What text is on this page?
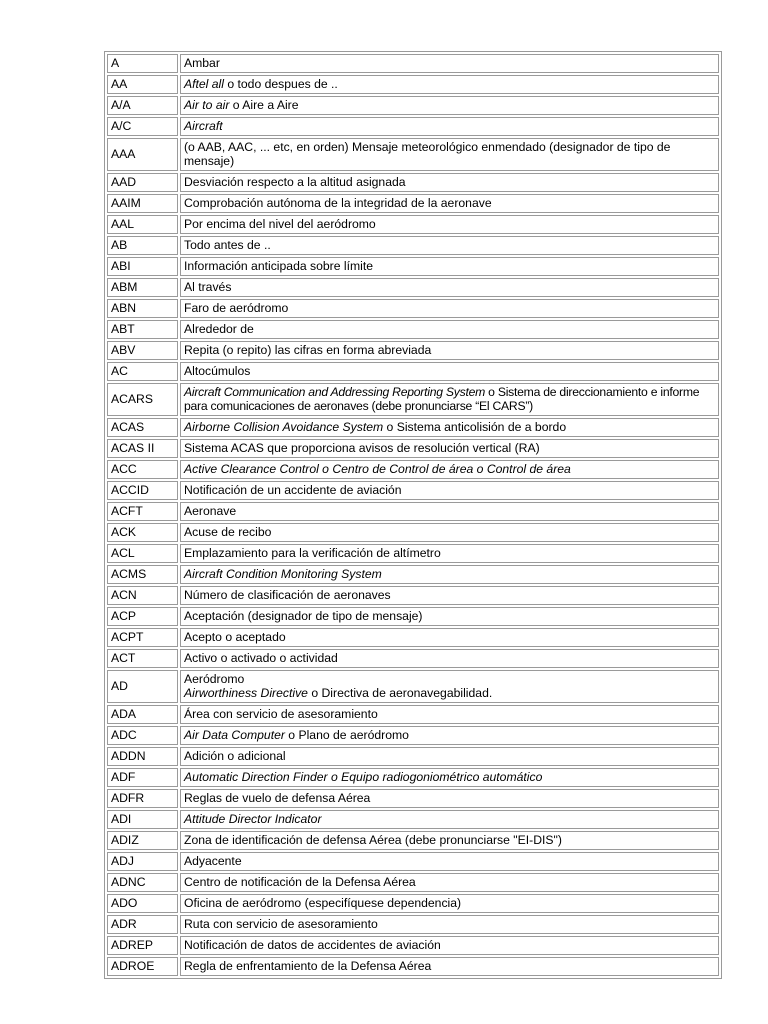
A	Ambar
AA	Aftel all o todo despues de ..
A/A	Air to air o Aire a Aire
A/C	Aircraft
AAA	(o AAB, AAC, ... etc, en orden) Mensaje meteorológico enmendado (designador de tipo de mensaje)
AAD	Desviación respecto a la altitud asignada
AAIM	Comprobación autónoma de la integridad de la aeronave
AAL	Por encima del nivel del aeródromo
AB	Todo antes de ..
ABI	Información anticipada sobre límite
ABM	Al través
ABN	Faro de aeródromo
ABT	Alrededor de
ABV	Repita (o repito) las cifras en forma abreviada
AC	Altocúmulos
ACARS	Aircraft Communication and Addressing Reporting System o Sistema de direccionamiento e informe para comunicaciones de aeronaves (debe pronunciarse “El CARS”)
ACAS	Airborne Collision Avoidance System o Sistema anticolisión de a bordo
ACAS II	Sistema ACAS que proporciona avisos de resolución vertical (RA)
ACC	Active Clearance Control o Centro de Control de área o Control de área
ACCID	Notificación de un accidente de aviación
ACFT	Aeronave
ACK	Acuse de recibo
ACL	Emplazamiento para la verificación de altímetro
ACMS	Aircraft Condition Monitoring System
ACN	Número de clasificación de aeronaves
ACP	Aceptación (designador de tipo de mensaje)
ACPT	Acepto o aceptado
ACT	Activo o activado o actividad
AD	Aeródromo
Airworthiness Directive o Directiva de aeronavegabilidad.
ADA	Área con servicio de asesoramiento
ADC	Air Data Computer o Plano de aeródromo
ADDN	Adición o adicional
ADF	Automatic Direction Finder o Equipo radiogoniométrico automático
ADFR	Reglas de vuelo de defensa Aérea
ADI	Attitude Director Indicator
ADIZ	Zona de identificación de defensa Aérea (debe pronunciarse "EI-DIS")
ADJ	Adyacente
ADNC	Centro de notificación de la Defensa Aérea
ADO	Oficina de aeródromo (especifíquese dependencia)
ADR	Ruta con servicio de asesoramiento
ADREP	Notificación de datos de accidentes de aviación
ADROE	Regla de enfrentamiento de la Defensa Aérea
